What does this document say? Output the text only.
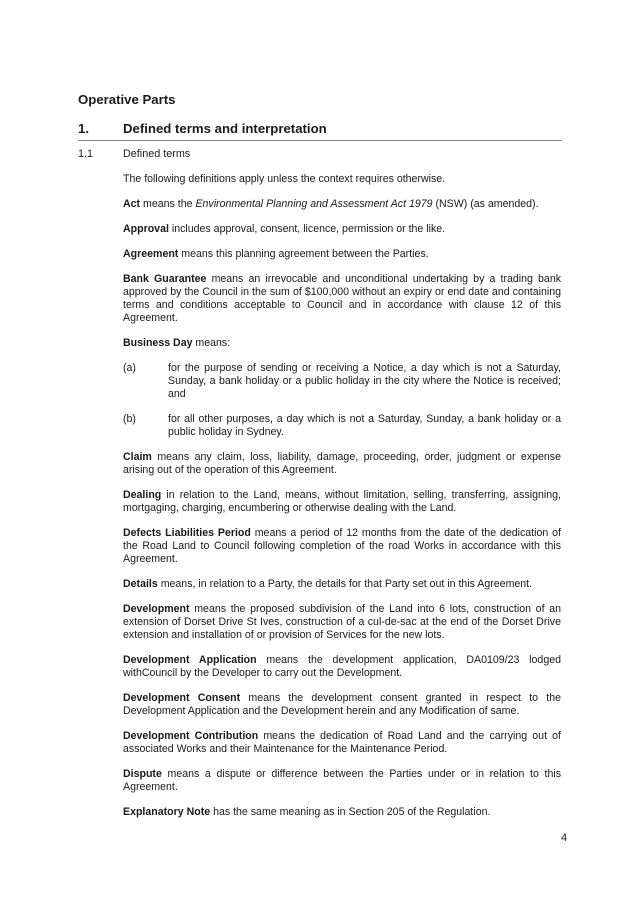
Operative Parts
1.	Defined terms and interpretation
1.1	Defined terms

The following definitions apply unless the context requires otherwise.

Act means the Environmental Planning and Assessment Act 1979 (NSW) (as amended).

Approval includes approval, consent, licence, permission or the like.

Agreement means this planning agreement between the Parties.

Bank Guarantee means an irrevocable and unconditional undertaking by a trading bank approved by the Council in the sum of $100,000 without an expiry or end date and containing terms and conditions acceptable to Council and in accordance with clause 12 of this Agreement.

Business Day means:

(a)	for the purpose of sending or receiving a Notice, a day which is not a Saturday, Sunday, a bank holiday or a public holiday in the city where the Notice is received; and
(b)	for all other purposes, a day which is not a Saturday, Sunday, a bank holiday or a public holiday in Sydney.

Claim means any claim, loss, liability, damage, proceeding, order, judgment or expense arising out of the operation of this Agreement.

Dealing in relation to the Land, means, without limitation, selling, transferring, assigning, mortgaging, charging, encumbering or otherwise dealing with the Land.

Defects Liabilities Period means a period of 12 months from the date of the dedication of the Road Land to Council following completion of the road Works in accordance with this Agreement.

Details means, in relation to a Party, the details for that Party set out in this Agreement.

Development means the proposed subdivision of the Land into 6 lots, construction of an extension of Dorset Drive St Ives, construction of a cul-de-sac at the end of the Dorset Drive extension and installation of or provision of Services for the new lots.

Development Application means the development application, DA0109/23 lodged withCouncil by the Developer to carry out the Development.

Development Consent means the development consent granted in respect to the Development Application and the Development herein and any Modification of same.

Development Contribution means the dedication of Road Land and the carrying out of associated Works and their Maintenance for the Maintenance Period.

Dispute means a dispute or difference between the Parties under or in relation to this Agreement.

Explanatory Note has the same meaning as in Section 205 of the Regulation.

4
